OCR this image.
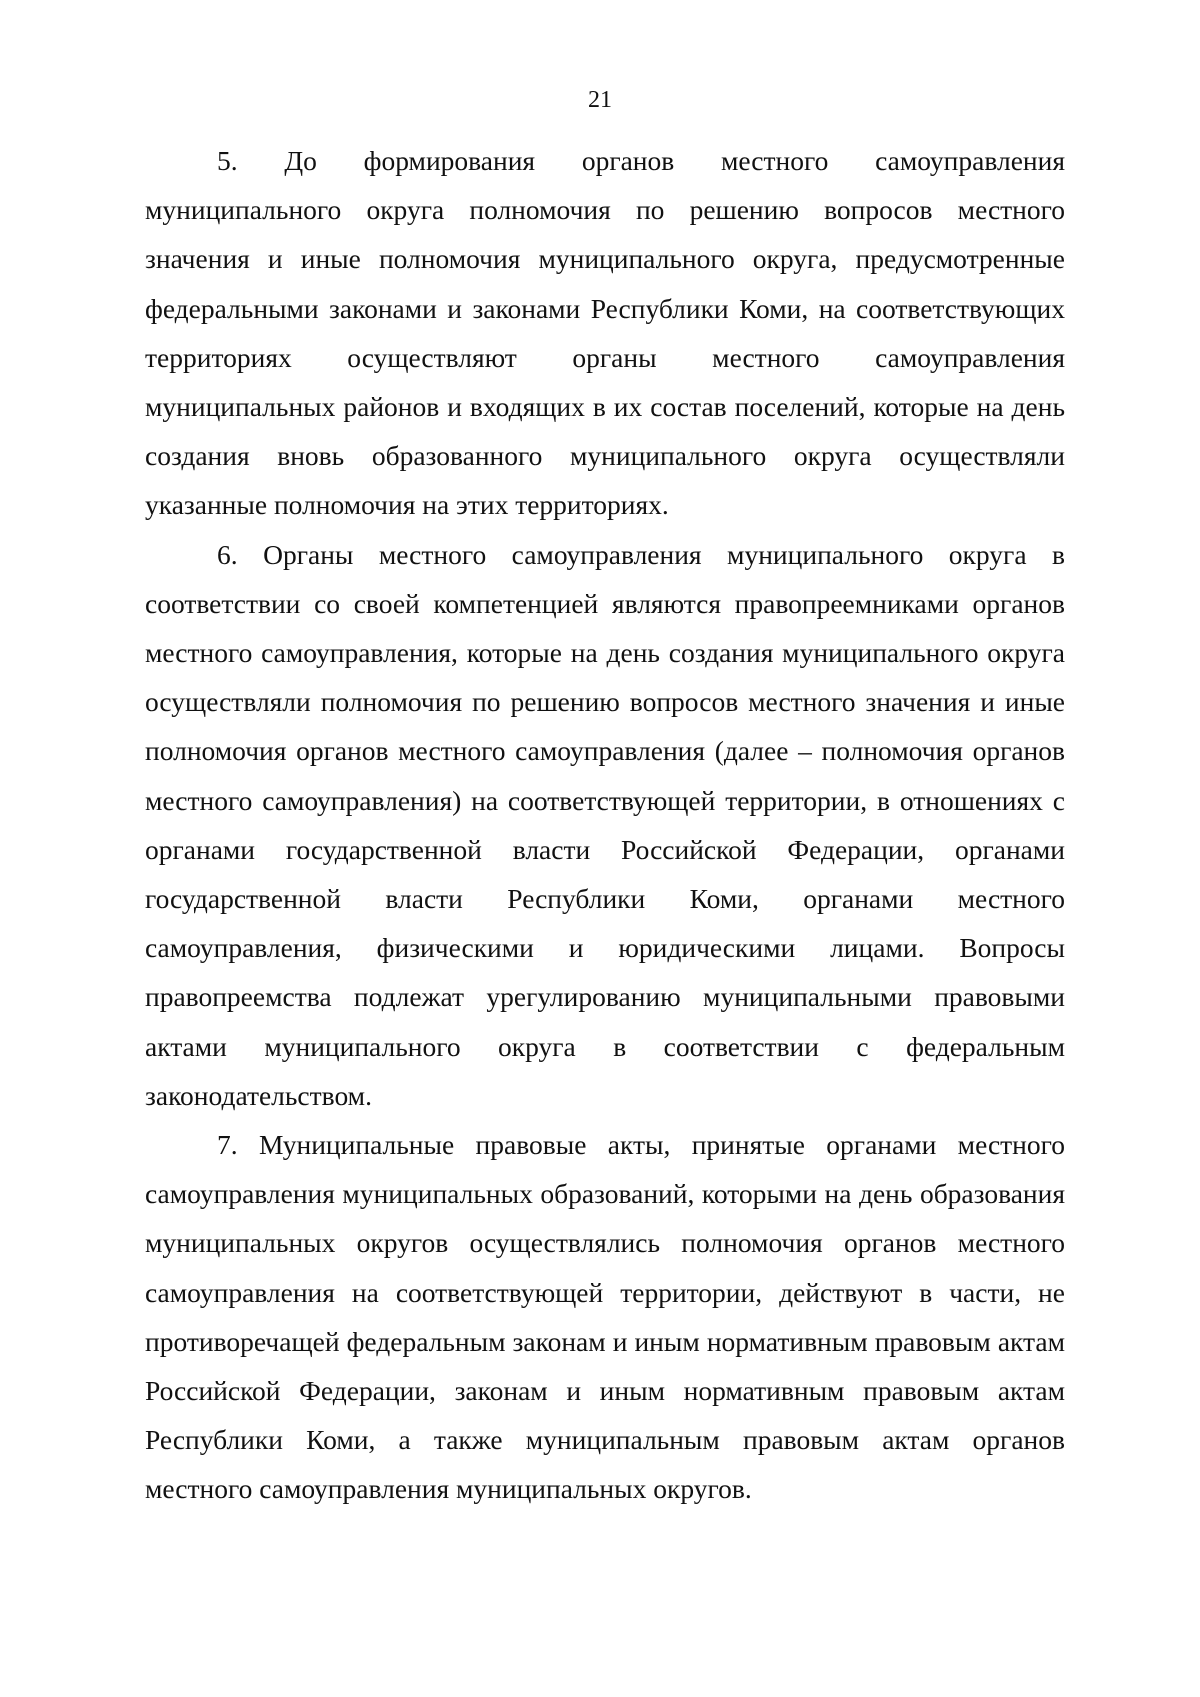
21

5. До формирования органов местного самоуправления муниципального округа полномочия по решению вопросов местного значения и иные полномочия муниципального округа, предусмотренные федеральными законами и законами Республики Коми, на соответствующих территориях осуществляют органы местного самоуправления муниципальных районов и входящих в их состав поселений, которые на день создания вновь образованного муниципального округа осуществляли указанные полномочия на этих территориях.

6. Органы местного самоуправления муниципального округа в соответствии со своей компетенцией являются правопреемниками органов местного самоуправления, которые на день создания муниципального округа осуществляли полномочия по решению вопросов местного значения и иные полномочия органов местного самоуправления (далее – полномочия органов местного самоуправления) на соответствующей территории, в отношениях с органами государственной власти Российской Федерации, органами государственной власти Республики Коми, органами местного самоуправления, физическими и юридическими лицами. Вопросы правопреемства подлежат урегулированию муниципальными правовыми актами муниципального округа в соответствии с федеральным законодательством.

7. Муниципальные правовые акты, принятые органами местного самоуправления муниципальных образований, которыми на день образования муниципальных округов осуществлялись полномочия органов местного самоуправления на соответствующей территории, действуют в части, не противоречащей федеральным законам и иным нормативным правовым актам Российской Федерации, законам и иным нормативным правовым актам Республики Коми, а также муниципальным правовым актам органов местного самоуправления муниципальных округов.
